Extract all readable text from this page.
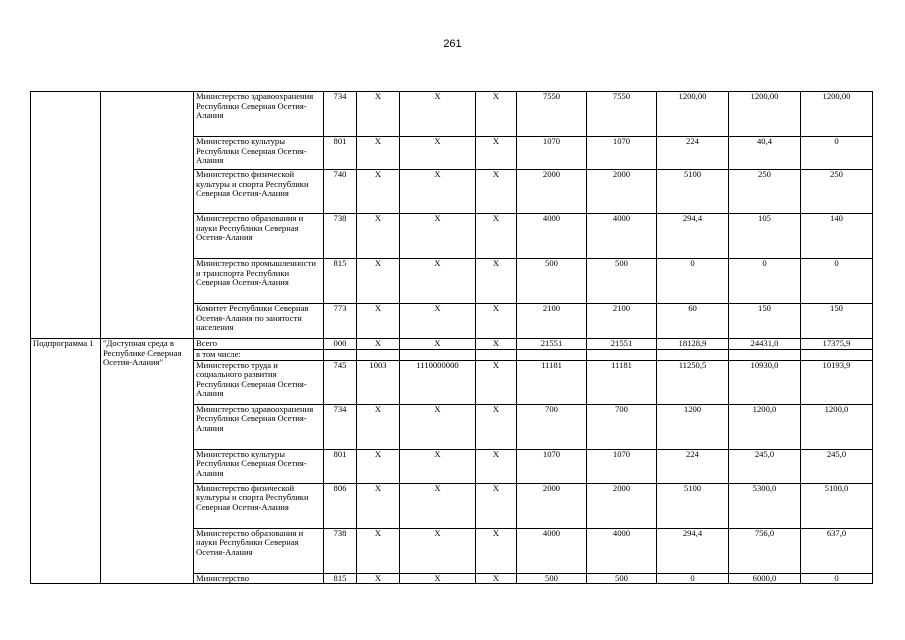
261
		Министерство здравоохранения Республики Северная Осетия-Алания	734	Х	Х	Х	7550	7550	1200,00	1200,00	1200,00
		Министерство культуры Республики Северная Осетия-Алания	801	Х	Х	Х	1070	1070	224	40,4	0
		Министерство физической культуры и спорта Республики Северная Осетия-Алания	740	Х	Х	Х	2000	2000	5100	250	250
		Министерство образования и науки Республики Северная Осетия-Алания	738	Х	Х	Х	4000	4000	294,4	105	140
		Министерство промышленности и транспорта Республики Северная Осетия-Алания	815	Х	Х	Х	500	500	0	0	0
		Комитет Республики Северная Осетия-Алания по занятости населения	773	Х	Х	Х	2100	2100	60	150	150
Подпрограмма 1	"Доступная среда в Республике Северная Осетия-Алания"	Всего	000	Х	Х	Х	21551	21551	18128,9	24431,0	17375,9
		в том числе:									
		Министерство труда и социального развития Республики Северная Осетия-Алания	745	1003	1110000000	Х	11181	11181	11250,5	10930,0	10193,9
		Министерство здравоохранения Республики Северная Осетия-Алания	734	Х	Х	Х	700	700	1200	1200,0	1200,0
		Министерство культуры Республики Северная Осетия-Алания	801	Х	Х	Х	1070	1070	224	245,0	245,0
		Министерство физической культуры и спорта Республики Северная Осетия-Алания	806	Х	Х	Х	2000	2000	5100	5300,0	5100,0
		Министерство образования и науки Республики Северная Осетия-Алания	738	Х	Х	Х	4000	4000	294,4	756,0	637,0
		Министерство	815	Х	Х	Х	500	500	0	6000,0	0
